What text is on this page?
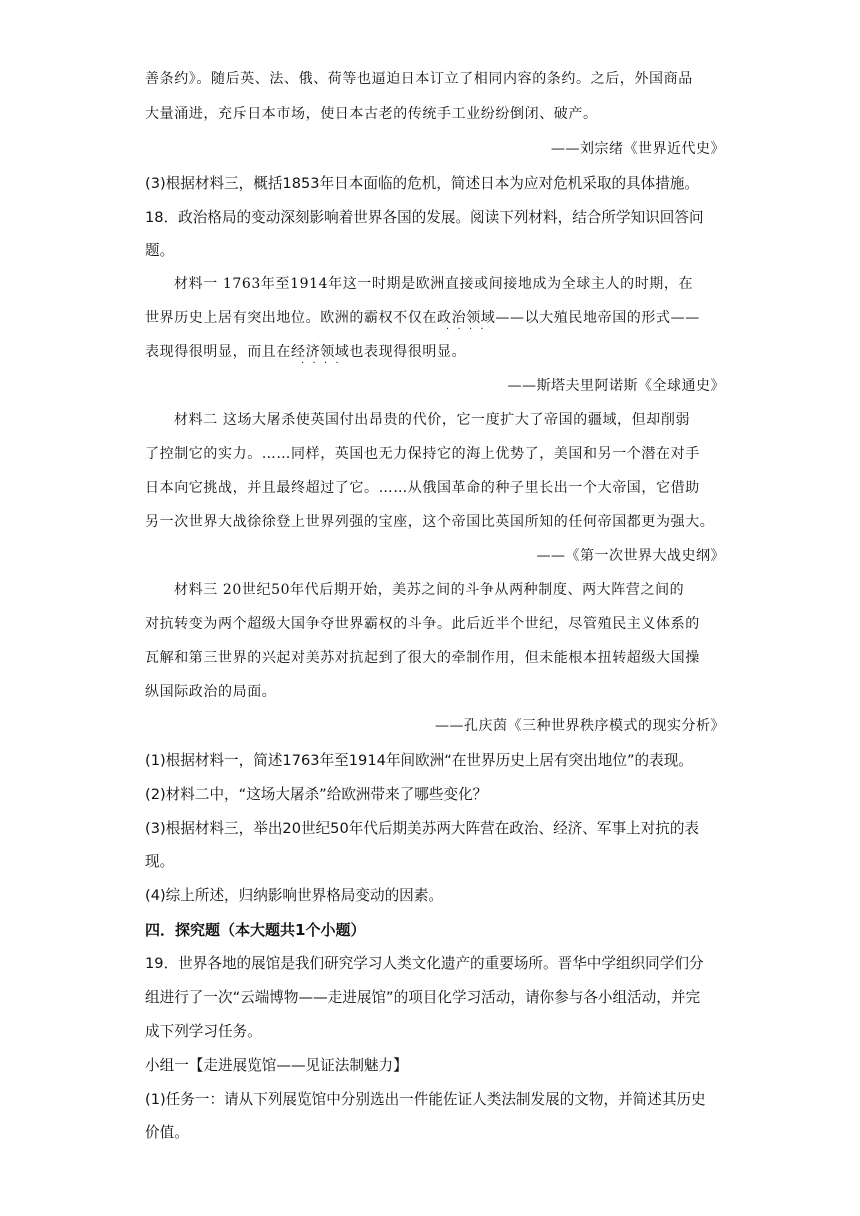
善条约》。随后英、法、俄、荷等也逼迫日本订立了相同内容的条约。之后，外国商品
大量涌进，充斥日本市场，使日本古老的传统手工业纷纷倒闭、破产。
——刘宗绪《世界近代史》
(3)根据材料三，概括1853年日本面临的危机，简述日本为应对危机采取的具体措施。
18．政治格局的变动深刻影响着世界各国的发展。阅读下列材料，结合所学知识回答问
题。
材料一 1763年至1914年这一时期是欧洲直接或间接地成为全球主人的时期，在
世界历史上居有突出地位。欧洲的霸权不仅在政治领域——以大殖民地帝国的形式——
····
表现得很明显，而且在经济领域也表现得很明显。
····
——斯塔夫里阿诺斯《全球通史》
材料二 这场大屠杀使英国付出昂贵的代价，它一度扩大了帝国的疆域，但却削弱
了控制它的实力。……同样，英国也无力保持它的海上优势了，美国和另一个潜在对手
日本向它挑战，并且最终超过了它。……从俄国革命的种子里长出一个大帝国，它借助
另一次世界大战徐徐登上世界列强的宝座，这个帝国比英国所知的任何帝国都更为强大。
——《第一次世界大战史纲》
材料三 20世纪50年代后期开始，美苏之间的斗争从两种制度、两大阵营之间的
对抗转变为两个超级大国争夺世界霸权的斗争。此后近半个世纪，尽管殖民主义体系的
瓦解和第三世界的兴起对美苏对抗起到了很大的牵制作用，但未能根本扭转超级大国操
纵国际政治的局面。
——孔庆茵《三种世界秩序模式的现实分析》
(1)根据材料一，简述1763年至1914年间欧洲“在世界历史上居有突出地位”的表现。
(2)材料二中，“这场大屠杀”给欧洲带来了哪些变化？
(3)根据材料三，举出20世纪50年代后期美苏两大阵营在政治、经济、军事上对抗的表
现。
(4)综上所述，归纳影响世界格局变动的因素。
四．探究题（本大题共1个小题）
19．世界各地的展馆是我们研究学习人类文化遗产的重要场所。晋华中学组织同学们分
组进行了一次“云端博物——走进展馆”的项目化学习活动，请你参与各小组活动，并完
成下列学习任务。
小组一【走进展览馆——见证法制魅力】
(1)任务一：请从下列展览馆中分别选出一件能佐证人类法制发展的文物，并简述其历史
价值。
